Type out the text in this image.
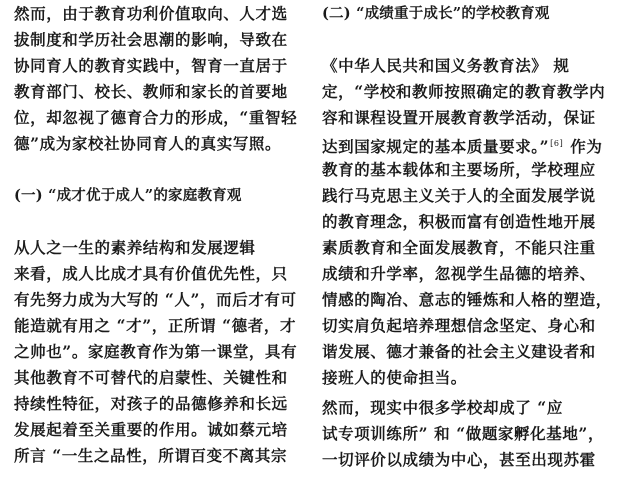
然而，由于教育功利价值取向、人才选
拔制度和学历社会思潮的影响，导致在
协同育人的教育实践中，智育一直居于
教育部门、校长、教师和家长的首要地
位，却忽视了德育合力的形成，“重智轻
德”成为家校社协同育人的真实写照。
(一) “成才优于成人”的家庭教育观
从人之一生的素养结构和发展逻辑
来看，成人比成才具有价值优先性，只
有先努力成为大写的 “人”，而后才有可
能造就有用之 “才”，正所谓 “德者，才
之帅也”。家庭教育作为第一课堂，具有
其他教育不可替代的启蒙性、关键性和
持续性特征，对孩子的品德修养和长远
发展起着至关重要的作用。诚如蔡元培
所言 “一生之品性，所谓百变不离其宗
(二) “成绩重于成长”的学校教育观
《中华人民共和国义务教育法》 规
定，“学校和教师按照确定的教育教学内
容和课程设置开展教育教学活动，保证
达到国家规定的基本质量要求。”[6] 作为
教育的基本载体和主要场所，学校理应
践行马克思主义关于人的全面发展学说
的教育理念，积极而富有创造性地开展
素质教育和全面发展教育，不能只注重
成绩和升学率，忽视学生品德的培养、
情感的陶冶、意志的锤炼和人格的塑造，
切实肩负起培养理想信念坚定、身心和
谐发展、德才兼备的社会主义建设者和
接班人的使命担当。
然而，现实中很多学校却成了 “应
试专项训练所” 和 “做题家孵化基地”，
一切评价以成绩为中心，甚至出现苏霍
